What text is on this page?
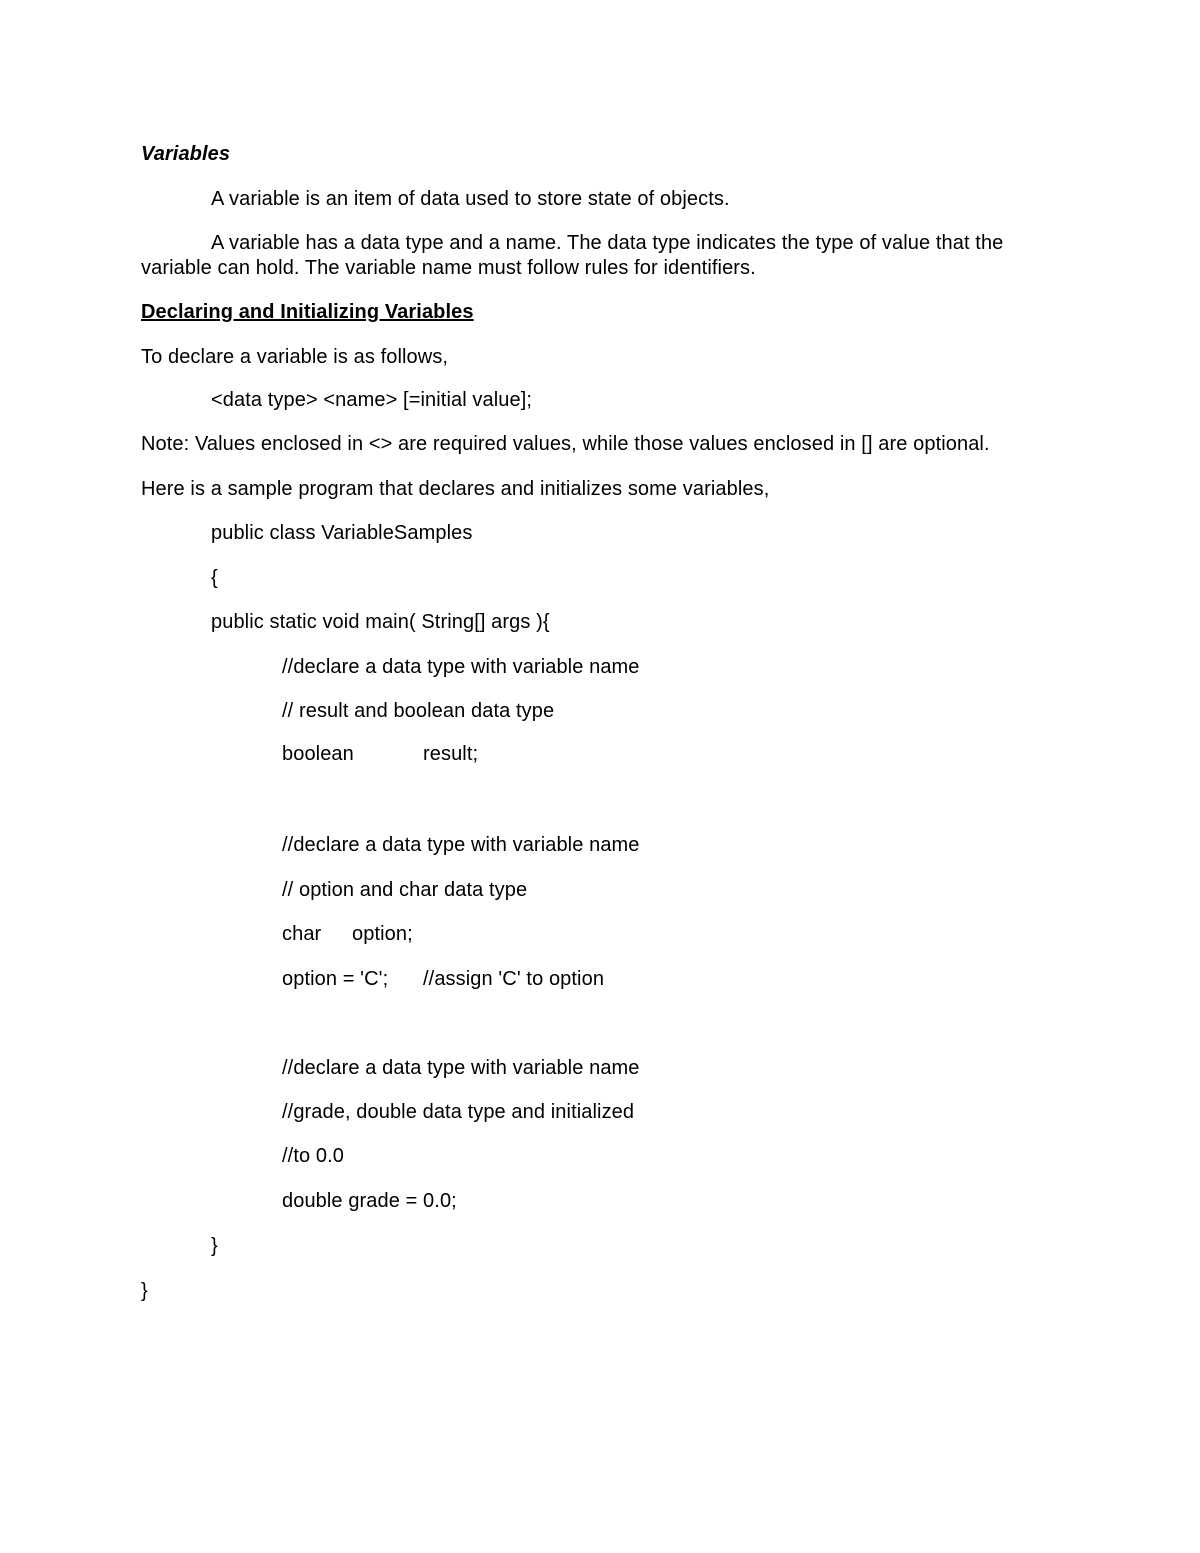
Variables
A variable is an item of data used to store state of objects.
A variable has a data type and a name. The data type indicates the type of value that the
variable can hold. The variable name must follow rules for identifiers.
Declaring and Initializing Variables
To declare a variable is as follows,
<data type> <name> [=initial value];
Note: Values enclosed in <> are required values, while those values enclosed in [] are optional.
Here is a sample program that declares and initializes some variables,
public class VariableSamples
{
public static void main( String[] args ){
//declare a data type with variable name
// result and boolean data type
boolean	result;
//declare a data type with variable name
// option and char data type
char option;
option = 'C'; //assign 'C' to option
//declare a data type with variable name
//grade, double data type and initialized
//to 0.0
double grade = 0.0;
}
}
